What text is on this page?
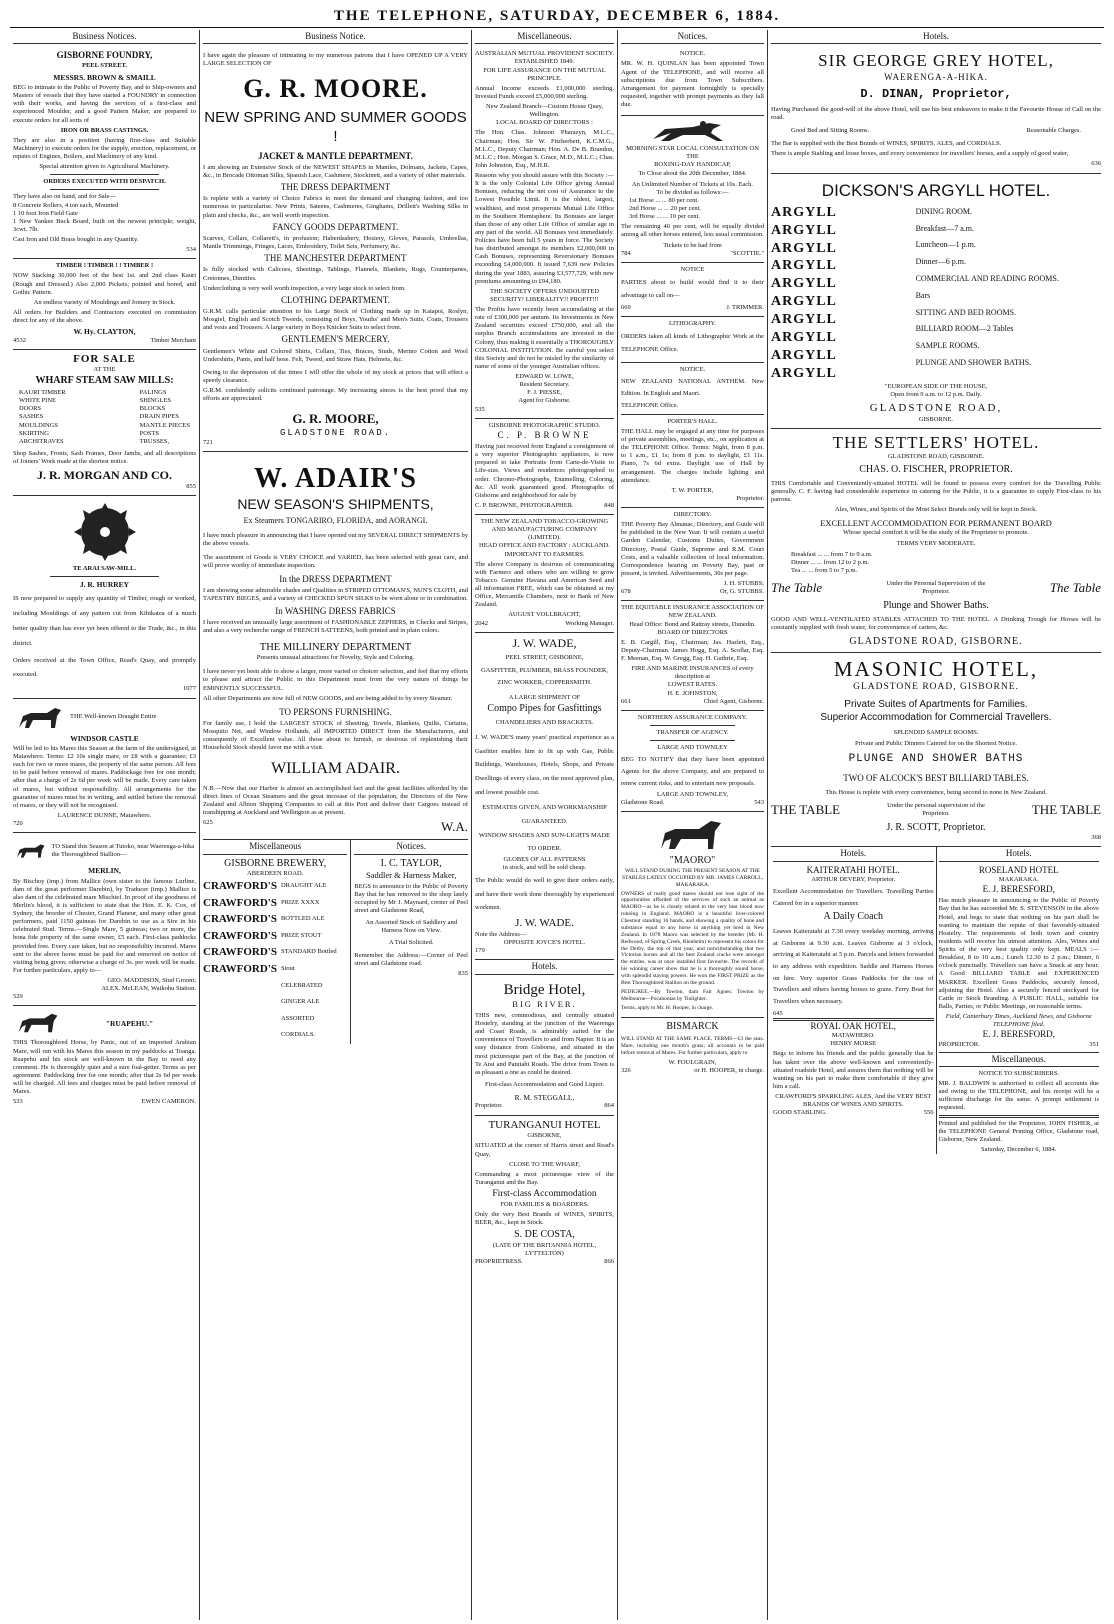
THE TELEPHONE, SATURDAY, DECEMBER 6, 1884.
Business Notices.
GISBORNE FOUNDRY,
PEEL STREET.
MESSRS. BROWN & SMAILL
BEG to intimate to the Public of Poverty Bay, and to Ship-owners and Masters of vessels that they have started a FOUNDRY in connection with their works, and having the services of a first-class and experienced Moulder, and a good Pattern Maker, are prepared to execute orders for all sorts of
IRON OR BRASS CASTINGS.
They are also in a position (having first-class and Suitable Machinery) to execute orders for the supply, erection, replacement, or repairs of Engines, Boilers, and Machinery of any kind.
Special attention given to Agricultural Machinery.
ORDERS EXECUTED WITH DESPATCH.
They have also on hand, and for Sale—
8 Concrete Rollers, 4 ton each, Mounted
1 10 foot Iron Field Gate
1 New Yankee Buck Board, built on the newest principle; weight, 3cwt. 7lb.
Cast Iron and Old Brass bought in any Quantity.
534
TIMBER ! TIMBER ! ! TIMBER !
NOW Stacking 30,000 feet of the best 1st. and 2nd class Kauri (Rough and Dressed.) Also 2,000 Pickets, pointed and bored, and Gothic Pattern.
An endless variety of Mouldings and Joinery in Stock.
All orders for Builders and Contractors executed on commission direct for any of the above.
W. Hy. CLAYTON,
4532	Timber Merchant
FOR SALE
AT THE
WHARF STEAM SAW MILLS:
KAURI TIMBER
WHITE PINE
DOORS
SASHES
MOULDINGS
SKIRTING
ARCHITRAVES
PALINGS
SHINGLES
BLOCKS
DRAIN PIPES
MANTLE PIECES
POSTS
TRUSSES,
Shop Sashes, Fronts, Sash Frames, Door Jambs, and all descriptions of Joiners' Work made at the shortest notice.
J. R. MORGAN AND CO.
855
TE ARAI SAW-MILL.
J. R. HURREY
IS now prepared to supply any quantity of Timber, rough or worked, including Mouldings of any pattern cut from Kihikatea of a much better quality than has ever yet been offered to the Trade, &c., in this district.
Orders received at the Town Office, Read's Quay, and promptly executed.
1077
THE Well-known Draught Entire
WINDSOR CASTLE
Will be led to his Mares this Season at the farm of the undersigned, at Matawhero. Terms: £2 10s single mare, or £8 with a guarantee; £3 each for two or more mares, the property of the same person. All fees to be paid before removal of mares. Paddockage free for one month; after that a charge of 2s 6d per week will be made. Every care taken of mares, but without responsibility. All arrangements for the guarantee of mares must be in writing, and settled before the removal of mares, or they will not be recognised.
LAURENCE DUNNE, Matawhero.
720
TO Stand this Season at Tutoko, near Waerenga-a-hika the Thoroughbred Stallion—
MERLIN,
By Bischoy (imp.) from Mallice (own sister to the famous Lurline, dam of the great performer Darebin), by Traducer (imp.) Mallice is also dam of the celebrated mare Mischief. In proof of the goodness of Merlin's blood, it is sufficient to state that the Hon. E. K. Cox, of Sydney, the breeder of Chester, Grand Flaneur, and many other great performers, paid 1150 guineas for Darebin to use as a Sire in his celebrated Stud. Terms.—Single Mare, 5 guineas; two or more, the bona fide property of the same owner, £5 each. First-class paddocks provided free. Every care taken, but no responsibility incurred. Mares sent to the above horse must be paid for and removed on notice of visiting being given; otherwise a charge of 3s. per week will be made. For further particulars, apply to—
GEO. MADDISON, Stud Groom;
ALEX. McLEAN, Waikohu Station.
529
"RUAPEHU."
THIS Thoroughbred Horse, by Panic, out of an imported Arabian Mare, will run with his Mares this season in my paddocks at Toanga. Ruapehu and his stock are well-known in the Bay to need any comment. He is thoroughly quiet and a sure foal-getter. Terms as per agreement. Paddocking free for one month; after that 2s 6d per week will be charged. All fees and charges must be paid before removal of Mares.
533	EWEN CAMERON.
Business Notice.
I have again the pleasure of intimating to my numerous patrons that I have OPENED UP A VERY LARGE SELECTION OF
G. R. MOORE.
NEW SPRING AND SUMMER GOODS !
JACKET & MANTLE DEPARTMENT.
I am showing an Extensive Stock of the NEWEST SHAPES in Mantles, Dolmans, Jackets, Capes, &c., in Brocade Ottoman Silks, Spanish Lace, Cashmere, Stockinett, and a variety of other materials.
THE DRESS DEPARTMENT
Is replete with a variety of Choice Fabrics to meet the demand and changing fashion, and too numerous to particularise. New Prints, Sateens, Cashmeres, Ginghams, Drillett's Washing Silks in plain and checks, &c., are well worth inspection.
FANCY GOODS DEPARTMENT.
Scarves, Collars, Collarett's, in profusion; Haberdashery, Hosiery, Gloves, Parasols, Umbrellas, Mantle Trimmings, Fringes, Laces, Embroidery, Toilet Sets, Perfumery, &c.
THE MANCHESTER DEPARTMENT
Is fully stocked with Calicoes, Sheetings, Tablings, Flannels, Blankets, Rugs, Counterpanes, Cretonnes, Dimities.
Underclothing is very well worth inspection, a very large stock to select from.
CLOTHING DEPARTMENT.
G.R.M. calls particular attention to his Large Stock of Clothing made up in Kaiapoi, Roslyn, Mosgiel, English and Scotch Tweeds, consisting of Boys, Youths' and Men's Suits, Coats, Trousers and vests and Trousers. A large variety in Boys Knicker Suits to select from.
GENTLEMEN'S MERCERY.
Gentlemen's White and Colored Shirts, Collars, Ties, Braces, Studs, Merino Cotton and Wool Undershirts, Pants, and half hose. Felt, Tweed, and Straw Hats, Helmets, &c.
Owing to the depression of the times I will offer the whole of my stock at prices that will effect a speedy clearance.
G.R.M. confidently solicits continued patronage. My increasing sinces is the best proof that my efforts are appreciated.
G. R. MOORE,
GLADSTONE ROAD.
721
W. ADAIR'S
NEW SEASON'S SHIPMENTS,
Ex Steamers TONGARIRO, FLORIDA, and AORANGI.
I have much pleasure in announcing that I have opened out my SEVERAL DIRECT SHIPMENTS by the above vessels.
The assortment of Goods is VERY CHOICE and VARIED, has been selected with great care, and will prove worthy of immediate inspection.
In the DRESS DEPARTMENT
I am showing some admirable shades and Qualities in STRIPED OTTOMAN'S, NUN'S CLOTH, and TAPESTRY BIEGES, and a variety of CHECKED SPUN SILKS to be worn alone or in combination.
In WASHING DRESS FABRICS
I have received an unusually large assortment of FASHIONABLE ZEPHERS, in Checks and Stripes, and also a very recherche range of FRENCH SATTEENS, both printed and in plain colors.
THE MILLINERY DEPARTMENT
Presents unusual attractions for Novelty, Style and Coloring.
I have never yet been able to show a larger, more varied or choicer selection, and feel that my efforts to please and attract the Public in this Department must from the very nature of things be EMINENTLY SUCCESSFUL.
All other Departments are now full of NEW GOODS, and are being added to by every Steamer.
TO PERSONS FURNISHING.
For family use, I hold the LARGEST STOCK of Sheeting, Towels, Blankets, Quilts, Curtains, Mosquito Net, and Window Hollands, all IMPORTED DIRECT from the Manufacturers, and consequently of Excellent value. All those about to furnish, or desirous of replenishing their Household Stock should favor me with a visit.
WILLIAM ADAIR.
N.B.—Now that our Harbor is almost an accomplished fact and the great facilities afforded by the direct lines of Ocean Steamers and the great increase of the population, the Directors of the New Zealand and Albion Shipping Companies to call at this Port and deliver their Cargoes instead of transhipping at Auckland and Wellington as at present.
625	W.A.
Miscellaneous
GISBORNE BREWERY,
ABERDEEN ROAD.
CRAWFORD'S
CRAWFORD'S
CRAWFORD'S
CRAWFORD'S
CRAWFORD'S
CRAWFORD'S
DRAUGHT ALE
PRIZE XXXX BOTTLED ALE
PRIZE STOUT
STANDARD Bottled Stout
CELEBRATED GINGER ALE
ASSORTED CORDIALS.
Notices.
I. C. TAYLOR,
Saddler & Harness Maker,
BEGS to announce to the Public of Poverty Bay that he has removed to the shop lately occupied by Mr J. Maynard, corner of Peel street and Gladstone Road,
An Assorted Stock of Saddlery and Harness Now on View.
A Trial Solicited.
Remember the Address:—Corner of Peel street and Gladstone road.
835
Miscellaneous.
AUSTRALIAN MUTUAL PROVIDENT SOCIETY.
ESTABLISHED 1849.
FOR LIFE ASSURANCE ON THE MUTUAL PRINCIPLE.
Annual Income exceeds £1,000,000 sterling. Invested Funds exceed £5,000,000 sterling.
New Zealand Branch—Custom House Quay, Wellington.
LOCAL BOARD OF DIRECTORS :
The Hon. Chas. Johnson Pharazyn, M.L.C., Chairman; Hon. Sir W. Fitzherbert, K.C.M.G., M.L.C., Deputy Chairman; Hon. A. De B. Brandon, M.L.C.; Hon. Morgan S. Grace, M.D., M.L.C.; Chas. John Johnston, Esq., M.H.R.
Reasons why you should assure with this Society :—It is the only Colonial Life Office giving Annual Bonuses, reducing the net cost of Assurance to the Lowest Possible Limit. It is the oldest, largest, wealthiest, and most prosperous Mutual Life Office in the Southern Hemisphere. Its Bonuses are larger than those of any other Life Office of similar age in any part of the world. All Bonuses vest immediately. Policies have been full 5 years in force. The Society has distributed amongst its members £2,000,000 in Cash Bonuses, representing Reversionary Bonuses exceeding £4,000,000. It issued 7,639 new Policies during the year 1883, assuring £3,577,729, with new premiums amounting to £94,180.
THE SOCIETY OFFERS UNDOUBTED SECURITY! LIBERALITY!! PROFIT!!!
The Profits have recently been accumulating at the rate of £300,000 per annum. Its Investments in New Zealand securities exceed £750,000, and all the surplus Branch accumulations are invested in the Colony, thus making it essentially a THOROUGHLY COLONIAL INSTITUTION. Be careful you select this Society and do not be misled by the similarity of name of some of the younger Australian offices.
EDWARD W. LOWE,
Resident Secretary.
F. J. PIESSE,
Agent for Gisborne.
535
GISBORNE PHOTOGRAPHIC STUDIO.
C. P. BROWNE
Having just received from England a consignment of a very superior Photographic appliances, is now prepared to take Portraits from Carte-de-Visite to Life-size. Views and residences photographed to order. Chromo-Photographs, Enamelling, Coloring, &c. All work guaranteed good. Photographs of Gisborne and neighborhood for sale by
C. P. BROWNE, PHOTOGRAPHER.	848
THE NEW ZEALAND TOBACCO-GROWING AND MANUFACTURING COMPANY (LIMITED).
HEAD OFFICE AND FACTORY : AUCKLAND.
IMPORTANT TO FARMERS.
The above Company is desirous of communicating with Farmers and others who are willing to grow Tobacco. Genuine Havana and American Seed and all information FREE, which can be obtained at my Office, Mercantile Chambers, next to Bank of New Zealand.
AUGUST VOLLBRACHT,
2042	Working Manager.
J. W. WADE,
PEEL STREET, GISBORNE,
GASFITTER, PLUMBER, BRASS FOUNDER, ZINC WORKER, COPPERSMITH.
A LARGE SHIPMENT OF
Compo Pipes for Gasfittings
CHANDELIERS AND BRACKETS.
J. W. WADE'S many years' practical experience as a Gasfitter enables him to fit up with Gas, Public Buildings, Warehouses, Hotels, Shops, and Private Dwellings of every class, on the most approved plan, and lowest possible cost.
ESTIMATES GIVEN, AND WORKMANSHIP GUARANTEED.
WINDOW SHADES AND SUN-LIGHTS MADE TO ORDER.
GLOBES OF ALL PATTERNS
in stock, and will be sold cheap.
The Public would do well to give their orders early, and have their work done thoroughly by experienced workmen.
J. W. WADE.
Note the Address—
OPPOSITE JOYCE'S HOTEL.
179
Hotels.
Bridge Hotel,
BIG RIVER.
THIS new, commodious, and centrally situated Hostelry, standing at the junction of the Waerenga and Coast Roads, is admirably suited for the convenience of Travellers to and from Napier. It is an easy distance from Gisborne, and situated in the most picturesque part of the Bay, at the junction of Te Arai and Patutahi Roads. The drive from Town is as pleasant a one as could be desired.
First-class Accommodation and Good Liquor.
R. M. STEGGALL,
Proprietor.	864
TURANGANUI HOTEL
GISBORNE,
SITUATED at the corner of Harris street and Read's Quay,
CLOSE TO THE WHARF,
Commanding a most picturesque view of the Turanganui and the Bay.
First-class Accommodation
FOR FAMILIES & BOARDERS.
Only the very Best Brands of WINES, SPIRITS, BEER, &c., kept in Stock.
S. DE COSTA,
(LATE OF THE BRITANNIA HOTEL, LYTTELTON)
PROPRIETRESS.	866
Notices.
NOTICE.
MR. W. H. QUINLAN has been appointed Town Agent of the TELEPHONE, and will receive all subscriptions due from Town Subscribers. Arrangement for payment fortnightly is specially requested, together with prompt payments as they fall due.
MORNING STAR LOCAL CONSULTATION ON THE
BOXING-DAY HANDICAP,
To Close about the 20th December, 1884.
An Unlimited Number of Tickets at 10s. Each.
To be divided as follows:—
1st Horse ... ... 80 per cent.
2nd Horse ... ... 20 per cent.
3rd Horse ... ... 10 per cent.
The remaining 40 per cent, will be equally divided among all other horses entered, less usual commission.
Tickets to be had from
784	"SCOTTIE."
NOTICE
PARTIES about to build would find it to their advantage to call on—
669	J. TRIMMER.
LITHOGRAPHY.
ORDERS taken all kinds of Lithographic Work at the TELEPHONE Office.
NOTICE.
NEW ZEALAND NATIONAL ANTHEM. New Edition. In English and Maori.
TELEPHONE Office.
PORTER'S HALL.
THE HALL may be engaged at any time for purposes of private assemblies, meetings, etc., on application at the TELEPHONE Office. Terms: Night, from 8 p.m. to 1 a.m., £1 1s; from 8 p.m. to daylight, £1 11s. Piano, 7s 6d extra. Daylight use of Hall by arrangement. The charges include lighting and attendance.
T. W. PORTER,
Proprietor.
DIRECTORY.
THE Poverty Bay Almanac, Directory, and Guide will be published in the New Year. It will contain a useful Garden Calendar, Customs Duties, Government Directory, Postal Guide, Supreme and R.M. Court Costs, and a valuable collection of local information. Correspondence bearing on Poverty Bay, past or present, is invited. Advertisements, 30s per page.
J. H. STUBBS;
678	Or, G. STUBBS.
THE EQUITABLE INSURANCE ASSOCIATION OF NEW ZEALAND.
Head Office: Bond and Rattray streets, Dunedin.
BOARD OF DIRECTORS
E. B. Cargill, Esq., Chairman; Jas. Hazlett, Esq., Deputy-Chairman. James Hogg, Esq. A. Scollar, Esq. F. Meenan, Esq. W. Gregg, Esq. H. Guthrie, Esq.
FIRE AND MARINE INSURANCES of every description at
LOWEST RATES.
H. E. JOHNSTON,
661	Chief Agent, Gisborne.
NORTHERN ASSURANCE COMPANY.
TRANSFER OF AGENCY.
LARGE AND TOWNLEY
BEG TO NOTIFY that they have been appointed Agents for the above Company, and are prepared to renew current risks, and to entertain new proposals.
LARGE AND TOWNLEY,
Gladstone Road.	543
"MAORO"
WILL STAND DURING THE PRESENT SEASON AT THE STABLES LATELY OCCUPIED BY MR. JAMES CARROLL, MAKARAKA.
OWNERS of really good mares should not lose sight of the opportunities afforded of the services of such an animal as MAORO—as he is closely related to the very best blood now running in England. MAORO is a beautiful liver-colored Chestnut standing 16 hands, and showing a quality of bone and substance equal to any horse in anything yet bred in New Zealand. In 1878 Maoro was selected by the breeder (Mr. H. Redwood, of Spring Creek, Blenheim) to represent his colors for the Derby, the top of that year, and notwithstanding that two Victorian horses and all the best Zealand cracks were amongst the entries, was at once installed first favourite. The records of his winning career show that he is a thoroughly sound horse, with splendid staying powers. He won the FIRST PRIZE as the Best Thoroughbred Stallion on the ground.
PEDIGREE.—By Towton, dam Fair Agnes; Towton by Melbourne—Pocahontas by Tinlighter.
Terms, apply to Mr. H. Hooper, in charge.
BISMARCK
WILL STAND AT THE SAME PLACE. TERMS—£3 the seas. Mare, including one month's grass; all accounts to be paid before removal of Mares. For further particulars, apply to
W. FOULGRAIN,
326	or H. HOOPER, in charge.
Hotels.
SIR GEORGE GREY HOTEL,
WAERENGA-A-HIKA.
D. DINAN, Proprietor,
Having Purchased the good-will of the above Hotel, will use his best endeavors to make it the Favourite House of Call on the road.
Good Bed and Sitting Rooms.	Reasonable Charges.
The Bar is supplied with the Best Brands of WINES, SPIRITS, ALES, and CORDIALS.
There is ample Stabling and loose boxes, and every convenience for travellers' horses, and a supply of good water,
636
DICKSON'S ARGYLL HOTEL.
ARGYLL
ARGYLL
ARGYLL
ARGYLL
ARGYLL
ARGYLL
ARGYLL
ARGYLL
ARGYLL
ARGYLL
DINING ROOM.
Breakfast—7 a.m.
Luncheon—1 p.m.
Dinner—6 p.m.
COMMERCIAL AND READING ROOMS.
Bars
SITTING AND BED ROOMS.
BILLIARD ROOM—2 Tables
SAMPLE ROOMS.
PLUNGE AND SHOWER BATHS.
"EUROPEAN SIDE OF THE HOUSE,
Open from 9 a.m. to 12 p.m. Daily.
GLADSTONE ROAD,
GISBORNE.
THE SETTLERS' HOTEL.
GLADSTONE ROAD, GISBORNE.
CHAS. O. FISCHER, PROPRIETOR.
THIS Comfortable and Conveniently-situated HOTEL will be found to possess every comfort for the Travelling Public generally. C. F. having had considerable experience in catering for the Public, it is a guarantee to supply First-class to his patrons.
Ales, Wines, and Spirits of the Most Select Brands only will be kept in Stock.
EXCELLENT ACCOMMODATION FOR PERMANENT BOARD
Whose special comfort it will be the study of the Proprietor to promote.
TERMS VERY MODERATE.
Breakfast ... ... from 7 to 9 a.m.
Dinner ... ... from 12 to 2 p.m.
Tea ... ... from 5 to 7 p.m.
The Table	Under the Personal Supervision of the Proprietor.	The Table
Plunge and Shower Baths.
GOOD AND WELL-VENTILATED STABLES ATTACHED TO THE HOTEL. A Drinking Trough for Horses will be constantly supplied with fresh water, for convenience of carters, &c.
GLADSTONE ROAD, GISBORNE.
MASONIC HOTEL,
GLADSTONE ROAD, GISBORNE.
Private Suites of Apartments for Families.
Superior Accommodation for Commercial Travellers.
SPLENDID SAMPLE ROOMS.
Private and Public Dinners Catered for on the Shortest Notice.
PLUNGE AND SHOWER BATHS
TWO OF ALCOCK'S BEST BILLIARD TABLES.
This House is replete with every convenience, being second to none in New Zealand.
THE TABLE	Under the personal supervision of the Proprietor.	THE TABLE
J. R. SCOTT, Proprietor.
368
Hotels.
KAITERATAHI HOTEL.
ARTHUR DEVERY, Proprietor.
Excellent Accommodation for Travellers. Travelling Parties Catered for in a superior manner.
A Daily Coach
Leaves Kaiteratahi at 7.30 every weekday morning, arriving at Gisborne at 9.30 a.m. Leaves Gisborne at 3 o'clock, arriving at Kaiteratahi at 5 p.m. Parcels and letters forwarded to any address with expedition. Saddle and Harness Horses on hire. Very superior Grass Paddocks for the use of Travellers and others having horses to graze. Ferry Boat for Travellers when necessary.
645
ROYAL OAK HOTEL,
MATAWHERO.
HENRY MORSE
Begs to inform his friends and the public generally that he has taken over the above well-known and conveniently-situated roadside Hotel, and assures them that nothing will be wanting on his part to make them comfortable if they give him a call.
CRAWFORD'S SPARKLING ALES, And the VERY BEST BRANDS OF WINES AND SPIRITS.
GOOD STABLING.	556
Hotels.
ROSELAND HOTEL
MAKARAKA.
E. J. BERESFORD,
Has much pleasure in announcing to the Public of Poverty Bay that he has succeeded Mr. S. STEVENSON in the above Hotel, and begs to state that nothing on his part shall be wanting to maintain the repute of that favorably-situated Hostelry. The requirements of both town and country residents will receive his utmost attention. Ales, Wines and Spirits of the very best quality only kept. MEALS :—Breakfast, 8 to 10 a.m.; Lunch 12.30 to 2 p.m.; Dinner, 6 o'clock punctually. Travellers can have a Snack at any hour. A Good BILLIARD TABLE and EXPERIENCED MARKER. Excellent Grass Paddocks, securely fenced, adjoining the Hotel. Also a securely fenced stockyard for Cattle or Stock Branding. A PUBLIC HALL, suitable for Balls, Parties, or Public Meetings, on reasonable terms.
Field, Canterbury Times, Auckland News, and Gisborne TELEPHONE filed.
E. J. BERESFORD,
PROPRIETOR.	351
Miscellaneous.
NOTICE TO SUBSCRIBERS.
MR. J. BALDWIN is authorised to collect all accounts due and owing to the TELEPHONE, and his receipt will be a sufficient discharge for the same. A prompt settlement is requested.
Printed and published for the Proprietor, JOHN FISHER, at the TELEPHONE General Printing Office, Gladstone road, Gisborne, New Zealand.
Saturday, December 6, 1884.
